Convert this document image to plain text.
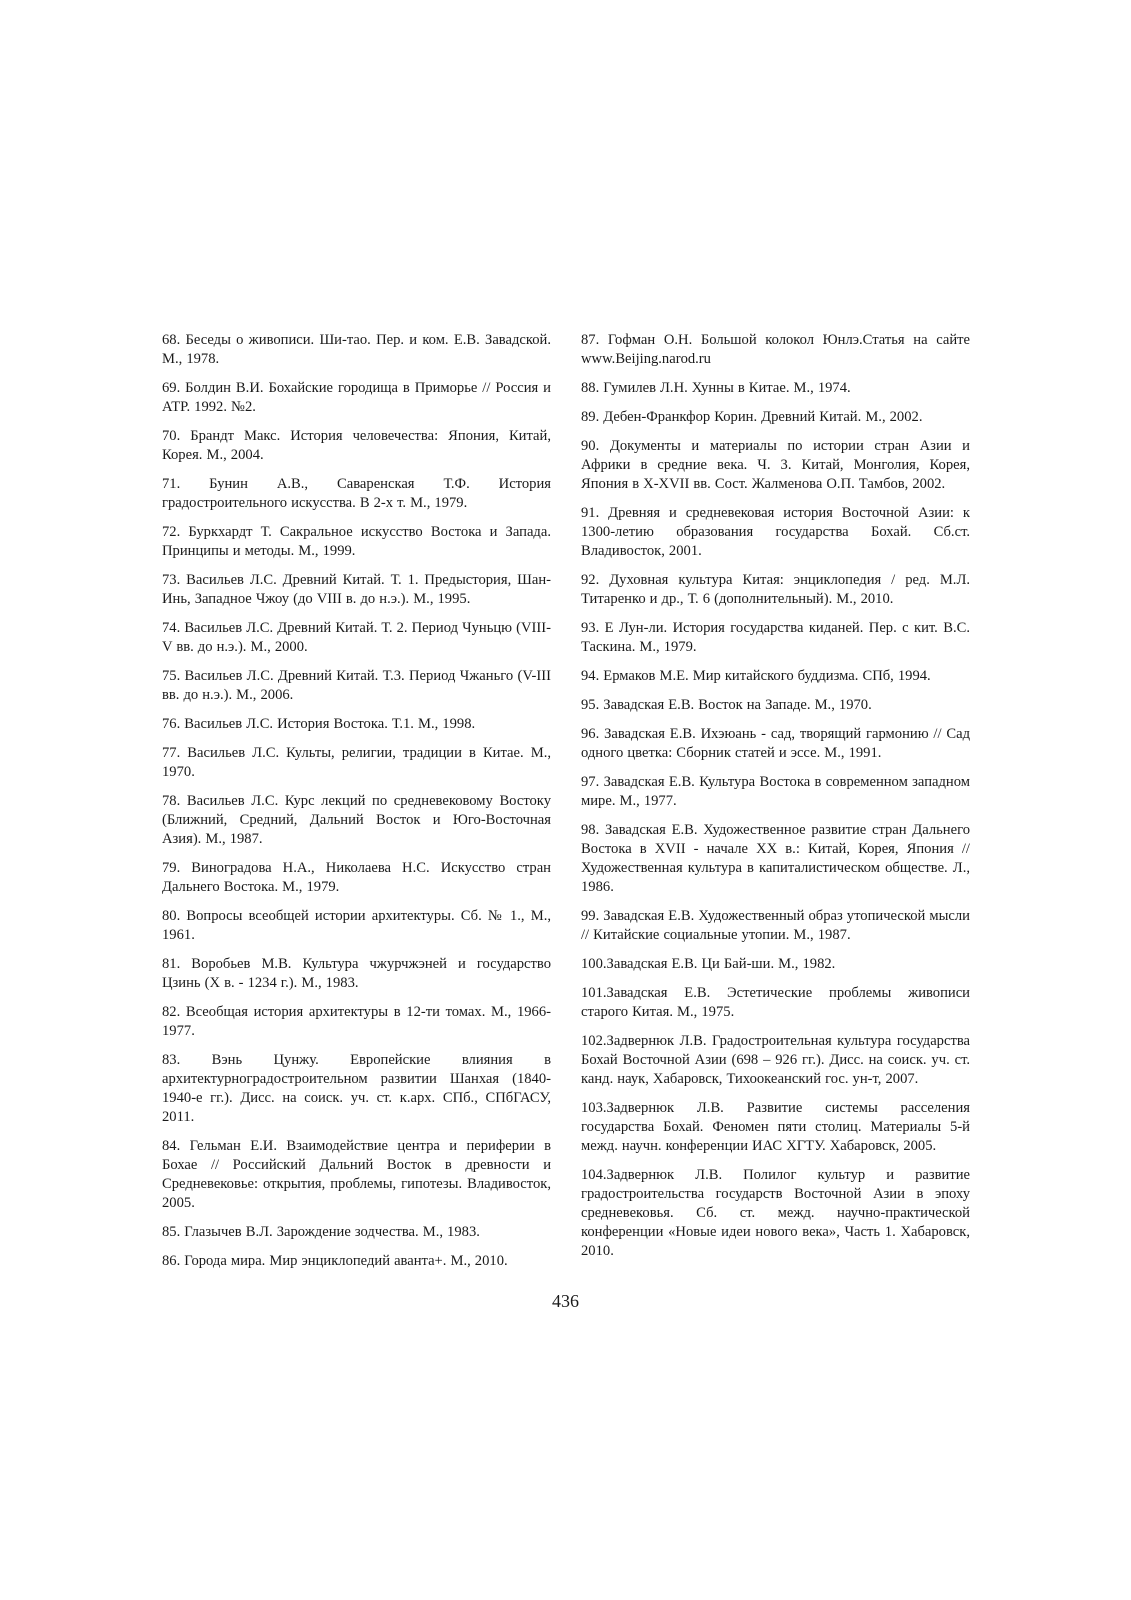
68. Беседы о живописи. Ши-тао. Пер. и ком. Е.В. Завадской. М., 1978.

69. Болдин В.И. Бохайские городища в Приморье // Россия и АТР. 1992. №2.

70. Брандт Макс. История человечества: Япония, Китай, Корея. М., 2004.

71. Бунин А.В., Саваренская Т.Ф. История градостроительного искусства. В 2-х т. М., 1979.

72. Буркхардт Т. Сакральное искусство Востока и Запада. Принципы и методы. М., 1999.

73. Васильев Л.С. Древний Китай. Т. 1. Предыстория, Шан-Инь, Западное Чжоу (до VIII в. до н.э.). М., 1995.

74. Васильев Л.С. Древний Китай. Т. 2. Период Чуньцю (VIII-V вв. до н.э.). М., 2000.

75. Васильев Л.С. Древний Китай. Т.3. Период Чжаньго (V-III вв. до н.э.). М., 2006.

76. Васильев Л.С. История Востока. Т.1. М., 1998.

77. Васильев Л.С. Культы, религии, традиции в Китае. М., 1970.

78. Васильев Л.С. Курс лекций по средневековому Востоку (Ближний, Средний, Дальний Восток и Юго-Восточная Азия). М., 1987.

79. Виноградова Н.А., Николаева Н.С. Искусство стран Дальнего Востока. М., 1979.

80. Вопросы всеобщей истории архитектуры. Сб. № 1., М., 1961.

81. Воробьев М.В. Культура чжурчжэней и государство Цзинь (X в. - 1234 г.). М., 1983.

82. Всеобщая история архитектуры в 12-ти томах. М., 1966-1977.

83. Вэнь Цунжу. Европейские влияния в архитектурноградостроительном развитии Шанхая (1840-1940-е гг.). Дисс. на соиск. уч. ст. к.арх. СПб., СПбГАСУ, 2011.

84. Гельман Е.И. Взаимодействие центра и периферии в Бохае // Российский Дальний Восток в древности и Средневековье: открытия, проблемы, гипотезы. Владивосток, 2005.

85. Глазычев В.Л. Зарождение зодчества. М., 1983.

86. Города мира. Мир энциклопедий аванта+. М., 2010.

87. Гофман О.Н. Большой колокол Юнлэ.Статья на сайте www.Beijing.narod.ru

88. Гумилев Л.Н. Хунны в Китае. М., 1974.

89. Дебен-Франкфор Корин. Древний Китай. М., 2002.

90. Документы и материалы по истории стран Азии и Африки в средние века. Ч. 3. Китай, Монголия, Корея, Япония в X-XVII вв. Сост. Жалменова О.П. Тамбов, 2002.

91. Древняя и средневековая история Восточной Азии: к 1300-летию образования государства Бохай. Сб.ст. Владивосток, 2001.

92. Духовная культура Китая: энциклопедия / ред. М.Л. Титаренко и др., Т. 6 (дополнительный). М., 2010.

93. Е Лун-ли. История государства киданей. Пер. с кит. В.С. Таскина. М., 1979.

94. Ермаков М.Е. Мир китайского буддизма. СПб, 1994.

95. Завадская Е.В. Восток на Западе. М., 1970.

96. Завадская Е.В. Ихэюань - сад, творящий гармонию // Сад одного цветка: Сборник статей и эссе. М., 1991.

97. Завадская Е.В. Культура Востока в современном западном мире. М., 1977.

98. Завадская Е.В. Художественное развитие стран Дальнего Востока в XVII - начале XX в.: Китай, Корея, Япония // Художественная культура в капиталистическом обществе. Л., 1986.

99. Завадская Е.В. Художественный образ утопической мысли // Китайские социальные утопии. М., 1987.

100.Завадская Е.В. Ци Бай-ши. М., 1982.

101.Завадская Е.В. Эстетические проблемы живописи старого Китая. М., 1975.

102.Задвернюк Л.В. Градостроительная культура государства Бохай Восточной Азии (698 – 926 гг.). Дисс. на соиск. уч. ст. канд. наук, Хабаровск, Тихоокеанский гос. ун-т, 2007.

103.Задвернюк Л.В. Развитие системы расселения государства Бохай. Феномен пяти столиц. Материалы 5-й межд. научн. конференции ИАС ХГТУ. Хабаровск, 2005.

104.Задвернюк Л.В. Полилог культур и развитие градостроительства государств Восточной Азии в эпоху средневековья. Сб. ст. межд. научно-практической конференции «Новые идеи нового века», Часть 1. Хабаровск, 2010.

436
